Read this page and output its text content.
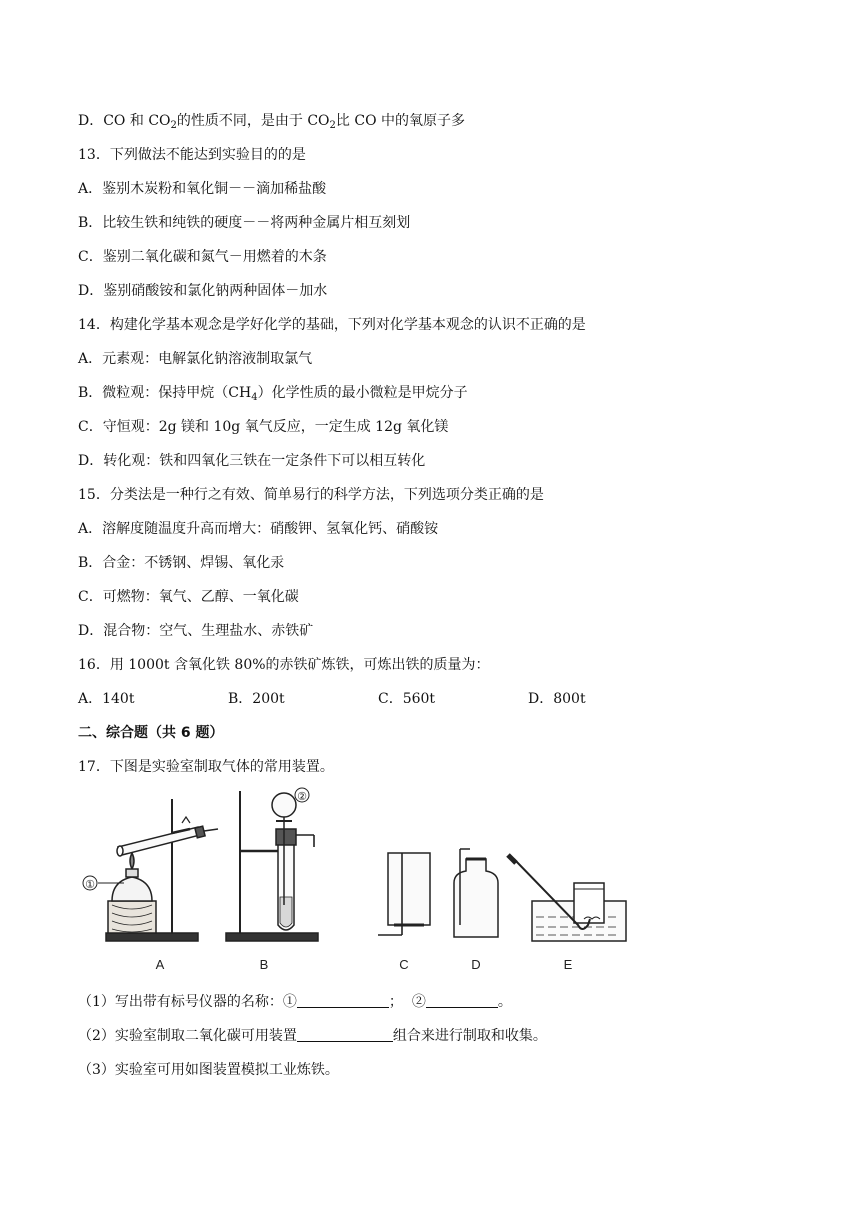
D．CO 和 $CO_2$的性质不同，是由于 $CO_2$比 CO 中的氧原子多
13．下列做法不能达到实验目的的是
A．鉴别木炭粉和氧化铜－－滴加稀盐酸
B．比较生铁和纯铁的硬度－－将两种金属片相互刻划
C．鉴别二氧化碳和氮气－用燃着的木条
D．鉴别硝酸铵和氯化钠两种固体－加水
14．构建化学基本观念是学好化学的基础，下列对化学基本观念的认识不正确的是
A．元素观：电解氯化钠溶液制取氯气
B．微粒观：保持甲烷$(CH_4)$化学性质的最小微粒是甲烷分子
C．守恒观：2g 镁和 10g 氧气反应，一定生成 12g 氧化镁
D．转化观：铁和四氧化三铁在一定条件下可以相互转化
15．分类法是一种行之有效、简单易行的科学方法，下列选项分类正确的是
A．溶解度随温度升高而增大：硝酸钾、氢氧化钙、硝酸铵
B．合金：不锈钢、焊锡、氧化汞
C．可燃物：氧气、乙醇、一氧化碳
D．混合物：空气、生理盐水、赤铁矿
16．用 1000t 含氧化铁 80%的赤铁矿炼铁，可炼出铁的质量为：
A．140t	B．200t	C．560t	D．800t
二、综合题（共 6 题）
17．下图是实验室制取气体的常用装置。
①
②
A	B	C	D	E
（1）写出带有标号仪器的名称：①	；  ②	。
（2）实验室制取二氧化碳可用装置	组合来进行制取和收集。
（3）实验室可用如图装置模拟工业炼铁。
